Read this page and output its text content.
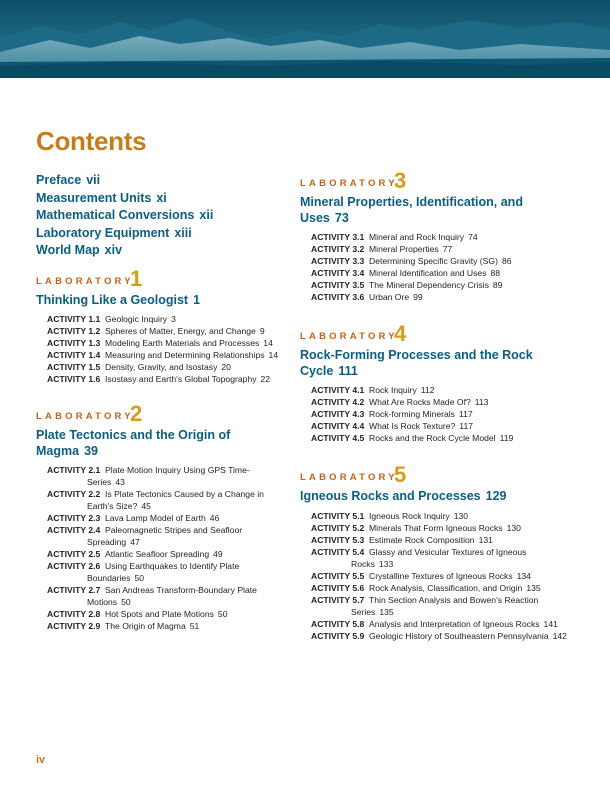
Contents
Preface vii
Measurement Units xi
Mathematical Conversions xii
Laboratory Equipment xiii
World Map xiv
LABORATORY
1
Thinking Like a Geologist 1
ACTIVITY 1.1 Geologic Inquiry 3
ACTIVITY 1.2 Spheres of Matter, Energy, and Change 9
ACTIVITY 1.3 Modeling Earth Materials and Processes 14
ACTIVITY 1.4 Measuring and Determining Relationships 14
ACTIVITY 1.5 Density, Gravity, and Isostasy 20
ACTIVITY 1.6 Isostasy and Earth's Global Topography 22
LABORATORY
2
Plate Tectonics and the Origin of Magma 39
ACTIVITY 2.1 Plate Motion Inquiry Using GPS Time-Series 43
ACTIVITY 2.2 Is Plate Tectonics Caused by a Change in Earth's Size? 45
ACTIVITY 2.3 Lava Lamp Model of Earth 46
ACTIVITY 2.4 Paleomagnetic Stripes and Seafloor Spreading 47
ACTIVITY 2.5 Atlantic Seafloor Spreading 49
ACTIVITY 2.6 Using Earthquakes to Identify Plate Boundaries 50
ACTIVITY 2.7 San Andreas Transform-Boundary Plate Motions 50
ACTIVITY 2.8 Hot Spots and Plate Motions 50
ACTIVITY 2.9 The Origin of Magma 51
LABORATORY
3
Mineral Properties, Identification, and Uses 73
ACTIVITY 3.1 Mineral and Rock Inquiry 74
ACTIVITY 3.2 Mineral Properties 77
ACTIVITY 3.3 Determining Specific Gravity (SG) 86
ACTIVITY 3.4 Mineral Identification and Uses 88
ACTIVITY 3.5 The Mineral Dependency Crisis 89
ACTIVITY 3.6 Urban Ore 99
LABORATORY
4
Rock-Forming Processes and the Rock Cycle 111
ACTIVITY 4.1 Rock Inquiry 112
ACTIVITY 4.2 What Are Rocks Made Of? 113
ACTIVITY 4.3 Rock-forming Minerals 117
ACTIVITY 4.4 What Is Rock Texture? 117
ACTIVITY 4.5 Rocks and the Rock Cycle Model 119
LABORATORY
5
Igneous Rocks and Processes 129
ACTIVITY 5.1 Igneous Rock Inquiry 130
ACTIVITY 5.2 Minerals That Form Igneous Rocks 130
ACTIVITY 5.3 Estimate Rock Composition 131
ACTIVITY 5.4 Glassy and Vesicular Textures of Igneous Rocks 133
ACTIVITY 5.5 Crystalline Textures of Igneous Rocks 134
ACTIVITY 5.6 Rock Analysis, Classification, and Origin 135
ACTIVITY 5.7 Thin Section Analysis and Bowen's Reaction Series 135
ACTIVITY 5.8 Analysis and Interpretation of Igneous Rocks 141
ACTIVITY 5.9 Geologic History of Southeastern Pennsylvania 142
iv
